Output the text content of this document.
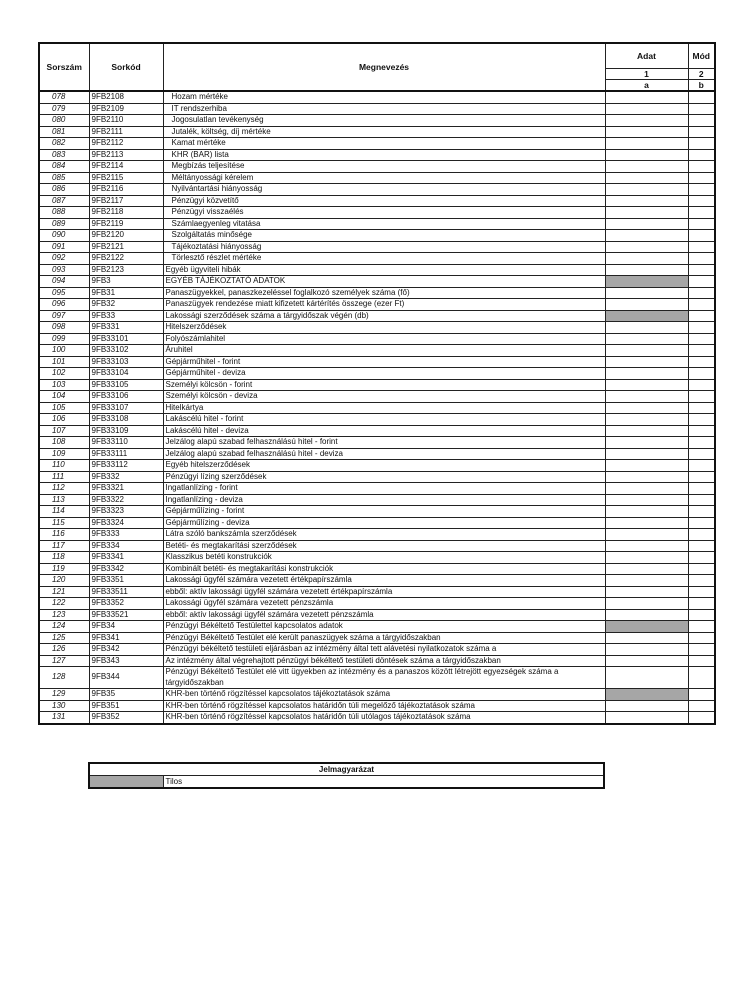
Sorszám	Sorkód	Megnevezés	Adat	Mód
			1	2
			a	b
078	9FB2108	Hozam mértéke		
079	9FB2109	IT rendszerhiba		
080	9FB2110	Jogosulatlan tevékenység		
081	9FB2111	Jutalék, költség, díj mértéke		
082	9FB2112	Kamat mértéke		
083	9FB2113	KHR (BAR) lista		
084	9FB2114	Megbízás teljesítése		
085	9FB2115	Méltányossági kérelem		
086	9FB2116	Nyilvántartási hiányosság		
087	9FB2117	Pénzügyi közvetítő		
088	9FB2118	Pénzügyi visszaélés		
089	9FB2119	Számlaegyenleg vitatása		
090	9FB2120	Szolgáltatás minősége		
091	9FB2121	Tájékoztatási hiányosság		
092	9FB2122	Törlesztő részlet mértéke		
093	9FB2123	Egyéb ügyviteli hibák		
094	9FB3	EGYÉB TÁJÉKOZTATÓ ADATOK		
095	9FB31	Panaszügyekkel, panaszkezeléssel foglalkozó személyek száma (fő)		
096	9FB32	Panaszügyek rendezése miatt kifizetett kártérítés összege (ezer Ft)		
097	9FB33	Lakossági szerződések száma a tárgyidőszak végén (db)		
098	9FB331	Hitelszerződések		
099	9FB33101	Folyószámlahitel		
100	9FB33102	Áruhitel		
101	9FB33103	Gépjárműhitel - forint		
102	9FB33104	Gépjárműhitel - deviza		
103	9FB33105	Személyi kölcsön - forint		
104	9FB33106	Személyi kölcsön - deviza		
105	9FB33107	Hitelkártya		
106	9FB33108	Lakáscélú hitel - forint		
107	9FB33109	Lakáscélú hitel - deviza		
108	9FB33110	Jelzálog alapú szabad felhasználású hitel - forint		
109	9FB33111	Jelzálog alapú szabad felhasználású hitel - deviza		
110	9FB33112	Egyéb hitelszerződések		
111	9FB332	Pénzügyi lízing szerződések		
112	9FB3321	Ingatlanlízing - forint		
113	9FB3322	Ingatlanlízing - deviza		
114	9FB3323	Gépjárműlízing - forint		
115	9FB3324	Gépjárműlízing - deviza		
116	9FB333	Látra szóló bankszámla szerződések		
117	9FB334	Betéti- és megtakarítási szerződések		
118	9FB3341	Klasszikus betéti konstrukciók		
119	9FB3342	Kombinált betéti- és megtakarítási konstrukciók		
120	9FB3351	Lakossági ügyfél számára vezetett értékpapírszámla		
121	9FB33511	ebből: aktív lakossági ügyfél számára vezetett értékpapírszámla		
122	9FB3352	Lakossági ügyfél számára vezetett pénzszámla		
123	9FB33521	ebből: aktív lakossági ügyfél számára vezetett pénzszámla		
124	9FB34	Pénzügyi Békéltető Testülettel kapcsolatos adatok		
125	9FB341	Pénzügyi Békéltető Testület elé került panaszügyek száma a tárgyidőszakban		
126	9FB342	Pénzügyi békéltető testületi eljárásban az intézmény által tett alávetési nyilatkozatok száma a		
127	9FB343	Az intézmény által végrehajtott pénzügyi békéltető testületi döntések száma a tárgyidőszakban		
128	9FB344	Pénzügyi Békéltető Testület elé vitt ügyekben az intézmény és a panaszos között létrejött egyezségek száma a tárgyidőszakban		
129	9FB35	KHR-ben történő rögzítéssel kapcsolatos tájékoztatások száma		
130	9FB351	KHR-ben történő rögzítéssel kapcsolatos határidőn túli megelőző tájékoztatások száma		
131	9FB352	KHR-ben történő rögzítéssel kapcsolatos határidőn túli utólagos tájékoztatások száma		
Jelmagyarázat
	Tilos
